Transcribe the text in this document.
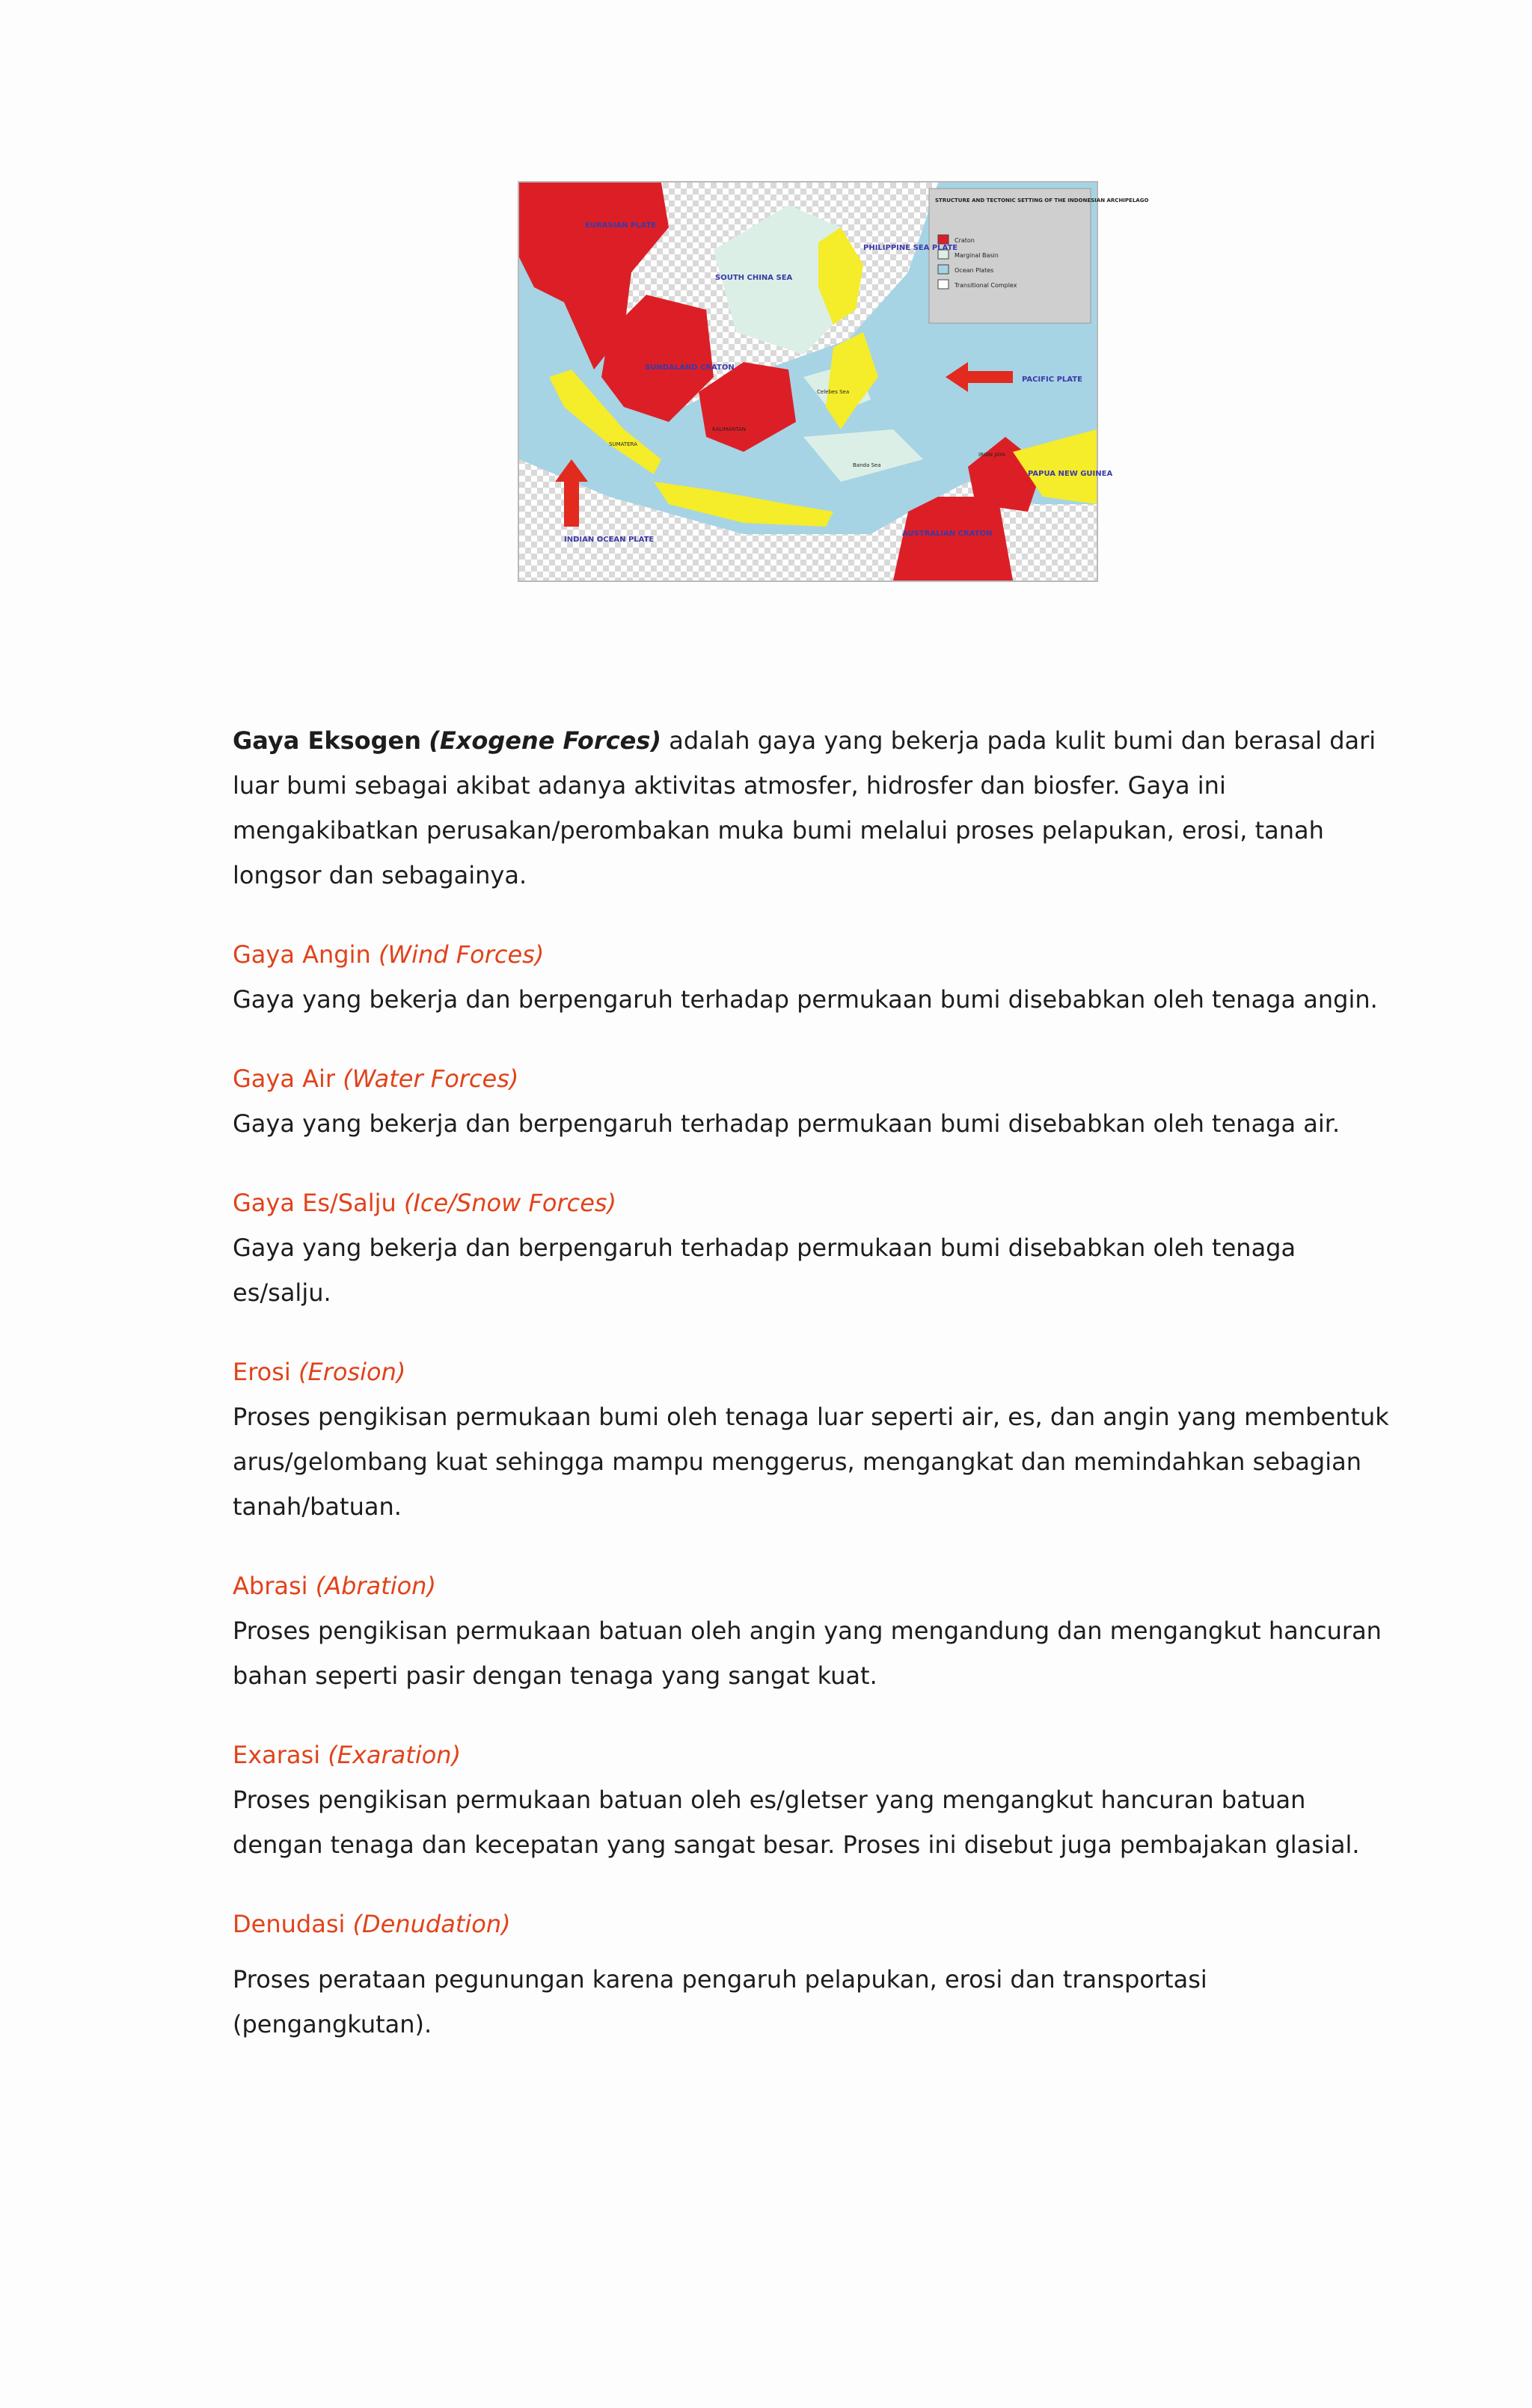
STRUCTURE AND TECTONIC SETTING OF THE INDONESIAN ARCHIPELAGO
Craton
Marginal Basin
Ocean Plates
Transitional Complex
EURASIAN PLATE
SOUTH CHINA SEA
PHILIPPINE SEA PLATE
SUNDALAND CRATON
PACIFIC PLATE
INDIAN OCEAN PLATE
AUSTRALIAN CRATON
PAPUA NEW GUINEA
KALIMANTAN
SUMATERA
Celebes Sea
Banda Sea
IRIAN JAYA

Gaya Eksogen (Exogene Forces) adalah gaya yang bekerja pada kulit bumi dan berasal dari luar bumi sebagai akibat adanya aktivitas atmosfer, hidrosfer dan biosfer. Gaya ini mengakibatkan perusakan/perombakan muka bumi melalui proses pelapukan, erosi, tanah longsor dan sebagainya.

Gaya Angin (Wind Forces)

Gaya yang bekerja dan berpengaruh terhadap permukaan bumi disebabkan oleh tenaga angin.

Gaya Air (Water Forces)

Gaya yang bekerja dan berpengaruh terhadap permukaan bumi disebabkan oleh tenaga air.

Gaya Es/Salju (Ice/Snow Forces)

Gaya yang bekerja dan berpengaruh terhadap permukaan bumi disebabkan oleh tenaga es/salju.

Erosi (Erosion)

Proses pengikisan permukaan bumi oleh tenaga luar seperti air, es, dan angin yang membentuk arus/gelombang kuat sehingga mampu menggerus, mengangkat dan memindahkan sebagian tanah/batuan.

Abrasi (Abration)

Proses pengikisan permukaan batuan oleh angin yang mengandung dan mengangkut hancuran bahan seperti pasir dengan tenaga yang sangat kuat.

Exarasi (Exaration)

Proses pengikisan permukaan batuan oleh es/gletser yang mengangkut hancuran batuan dengan tenaga dan kecepatan yang sangat besar. Proses ini disebut juga pembajakan glasial.

Denudasi (Denudation)

Proses perataan pegunungan karena pengaruh pelapukan, erosi dan transportasi (pengangkutan).
